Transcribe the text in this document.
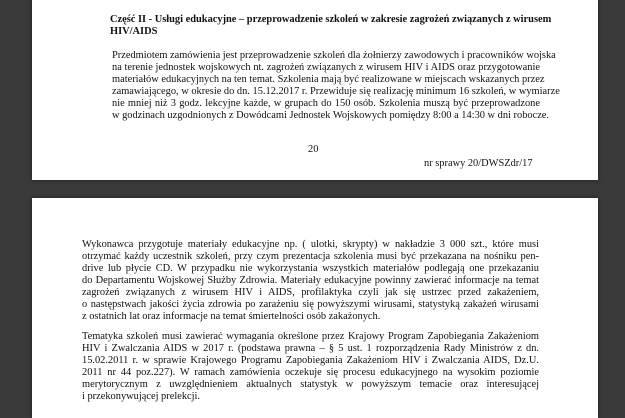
Część II - Usługi edukacyjne – przeprowadzenie szkoleń w zakresie zagrożeń związanych z wirusem
HIV/AIDS
Przedmiotem zamówienia jest przeprowadzenie szkoleń dla żołnierzy zawodowych i pracowników wojska
na terenie jednostek wojskowych nt. zagrożeń związanych z wirusem HIV i AIDS oraz przygotowanie
materiałów edukacyjnych na ten temat. Szkolenia mają być realizowane w miejscach wskazanych przez
zamawiającego, w okresie do dn. 15.12.2017 r. Przewiduje się realizację minimum 16 szkoleń, w wymiarze
nie mniej niż 3 godz. lekcyjne każde, w grupach do 150 osób. Szkolenia muszą być przeprowadzone
w godzinach uzgodnionych z Dowódcami Jednostek Wojskowych pomiędzy 8:00 a 14:30 w dni robocze.
20
nr sprawy 20/DWSZdr/17
Wykonawca przygotuje materiały edukacyjne np. ( ulotki, skrypty) w nakładzie 3 000 szt., które musi
otrzymać każdy uczestnik szkoleń, przy czym prezentacja szkolenia musi być przekazana na nośniku pen-
drive lub płycie CD. W przypadku nie wykorzystania wszystkich materiałów podlegają one przekazaniu
do Departamentu Wojskowej Służby Zdrowia. Materiały edukacyjne powinny zawierać informacje na temat
zagrożeń związanych z wirusem HIV i AIDS, profilaktyka czyli jak się ustrzec przed zakażeniem,
o następstwach jakości życia zdrowia po zarażeniu się powyższymi wirusami, statystyką zakażeń wirusami
z ostatnich lat oraz informacje na temat śmiertelności osób zakażonych.
Tematyka szkoleń musi zawierać wymagania określone przez Krajowy Program Zapobiegania Zakażeniom
HIV i Zwalczania AIDS w 2017 r. (podstawa prawna – § 5 ust. 1 rozporządzenia Rady Ministrów z dn.
15.02.2011 r. w sprawie Krajowego Programu Zapobiegania Zakażeniom HIV i Zwalczania AIDS, Dz.U.
2011 nr 44 poz.227). W ramach zamówienia oczekuje się procesu edukacyjnego na wysokim poziomie
merytorycznym z uwzględnieniem aktualnych statystyk w powyższym temacie oraz interesującej
i przekonywującej prelekcji.
